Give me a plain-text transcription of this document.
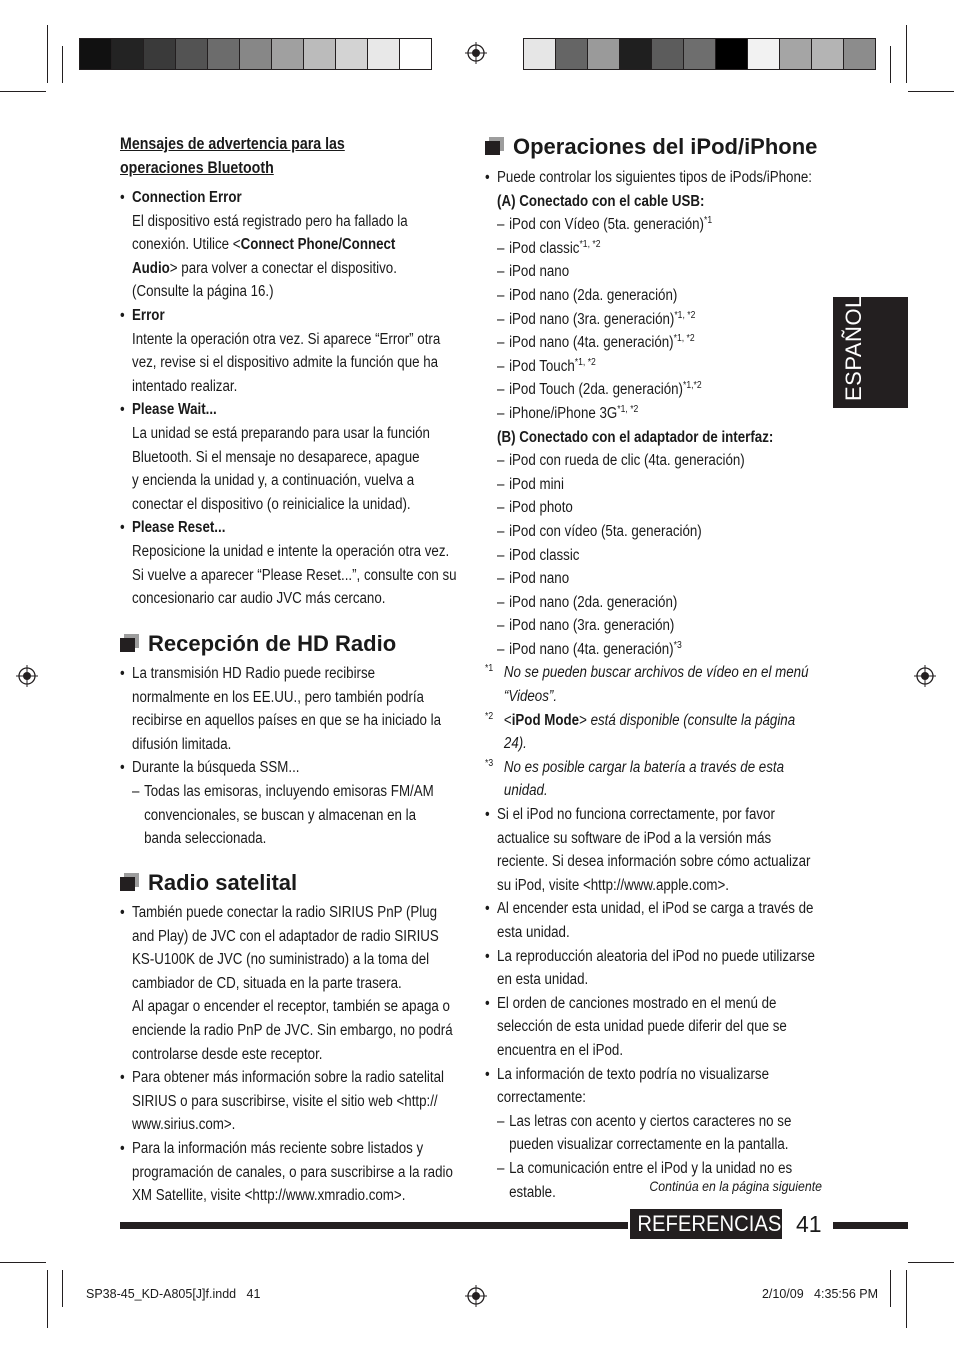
Mensajes de advertencia para las
operaciones Bluetooth
• Connection Error
El dispositivo está registrado pero ha fallado la
conexión. Utilice <Connect Phone/Connect
Audio> para volver a conectar el dispositivo.
(Consulte la página 16.)
• Error
Intente la operación otra vez. Si aparece “Error” otra
vez, revise si el dispositivo admite la función que ha
intentado realizar.
• Please Wait...
La unidad se está preparando para usar la función
Bluetooth. Si el mensaje no desaparece, apague
y encienda la unidad y, a continuación, vuelva a
conectar el dispositivo (o reinicialice la unidad).
• Please Reset...
Reposicione la unidad e intente la operación otra vez.
Si vuelve a aparecer “Please Reset...”, consulte con su
concesionario car audio JVC más cercano.
Recepción de HD Radio
• La transmisión HD Radio puede recibirse
normalmente en los EE.UU., pero también podría
recibirse en aquellos países en que se ha iniciado la
difusión limitada.
• Durante la búsqueda SSM...
– Todas las emisoras, incluyendo emisoras FM/AM
convencionales, se buscan y almacenan en la
banda seleccionada.
Radio satelital
• También puede conectar la radio SIRIUS PnP (Plug
and Play) de JVC con el adaptador de radio SIRIUS
KS-U100K de JVC (no suministrado) a la toma del
cambiador de CD, situada en la parte trasera.
Al apagar o encender el receptor, también se apaga o
enciende la radio PnP de JVC. Sin embargo, no podrá
controlarse desde este receptor.
• Para obtener más información sobre la radio satelital
SIRIUS o para suscribirse, visite el sitio web <http://
www.sirius.com>.
• Para la información más reciente sobre listados y
programación de canales, o para suscribirse a la radio
XM Satellite, visite <http://www.xmradio.com>.
Operaciones del iPod/iPhone
• Puede controlar los siguientes tipos de iPods/iPhone:
(A) Conectado con el cable USB:
– iPod con Vídeo (5ta. generación)$^{*1}$
– iPod classic$^{*1, *2}$
– iPod nano
– iPod nano (2da. generación)
– iPod nano (3ra. generación)$^{*1, *2}$
– iPod nano (4ta. generación)$^{*1, *2}$
– iPod Touch$^{*1, *2}$
– iPod Touch (2da. generación)$^{*1,*2}$
– iPhone/iPhone $3G^{*1, *2}$
(B) Conectado con el adaptador de interfaz:
– iPod con rueda de clic (4ta. generación)
– iPod mini
– iPod photo
– iPod con vídeo (5ta. generación)
– iPod classic
– iPod nano
– iPod nano (2da. generación)
– iPod nano (3ra. generación)
– iPod nano (4ta. generación)$^{*3}$
$^{*1}$ No se pueden buscar archivos de vídeo en el menú
“Videos”.
$^{*2}$ <iPod Mode> está disponible (consulte la página
24).
$^{*3}$ No es posible cargar la batería a través de esta unidad.
• Si el iPod no funciona correctamente, por favor
actualice su software de iPod a la versión más
reciente. Si desea información sobre cómo actualizar
su iPod, visite <http://www.apple.com>.
• Al encender esta unidad, el iPod se carga a través de
esta unidad.
• La reproducción aleatoria del iPod no puede utilizarse
en esta unidad.
• El orden de canciones mostrado en el menú de
selección de esta unidad puede diferir del que se
encuentra en el iPod.
• La información de texto podría no visualizarse
correctamente:
– Las letras con acento y ciertos caracteres no se
pueden visualizar correctamente en la pantalla.
– La comunicación entre el iPod y la unidad no es
estable.	Continúa en la página siguiente
ESPAÑOL
REFERENCIAS 41
SP38-45_KD-A805[J]f.indd   41	2/10/09   4:35:56 PM
